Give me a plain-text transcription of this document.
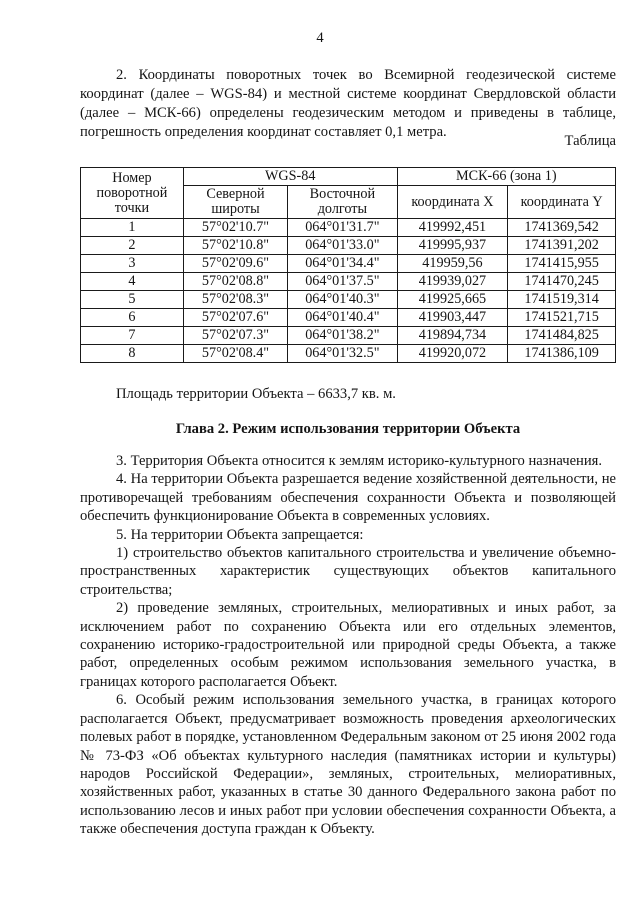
4

2. Координаты поворотных точек во Всемирной геодезической системе координат (далее – WGS-84) и местной системе координат Свердловской области (далее – МСК-66) определены геодезическим методом и приведены в таблице, погрешность определения координат составляет 0,1 метра.

Таблица
Номер поворотной точки	WGS-84		МСК-66 (зона 1)	
	Северной широты	Восточной долготы	координата X	координата Y
1	57°02'10.7"	064°01'31.7"	419992,451	1741369,542
2	57°02'10.8"	064°01'33.0"	419995,937	1741391,202
3	57°02'09.6"	064°01'34.4"	419959,56	1741415,955
4	57°02'08.8"	064°01'37.5"	419939,027	1741470,245
5	57°02'08.3"	064°01'40.3"	419925,665	1741519,314
6	57°02'07.6"	064°01'40.4"	419903,447	1741521,715
7	57°02'07.3"	064°01'38.2"	419894,734	1741484,825
8	57°02'08.4"	064°01'32.5"	419920,072	1741386,109
Площадь территории Объекта – 6633,7 кв. м.
Глава 2. Режим использования территории Объекта

3. Территория Объекта относится к землям историко-культурного назначения.

4. На территории Объекта разрешается ведение хозяйственной деятельности, не противоречащей требованиям обеспечения сохранности Объекта и позволяющей обеспечить функционирование Объекта в современных условиях.

5. На территории Объекта запрещается:

1) строительство объектов капитального строительства и увеличение объемно-пространственных характеристик существующих объектов капитального строительства;

2) проведение земляных, строительных, мелиоративных и иных работ, за исключением работ по сохранению Объекта или его отдельных элементов, сохранению историко-градостроительной или природной среды Объекта, а также работ, определенных особым режимом использования земельного участка, в границах которого располагается Объект.

6. Особый режим использования земельного участка, в границах которого располагается Объект, предусматривает возможность проведения археологических полевых работ в порядке, установленном Федеральным законом от 25 июня 2002 года № 73-ФЗ «Об объектах культурного наследия (памятниках истории и культуры) народов Российской Федерации», земляных, строительных, мелиоративных, хозяйственных работ, указанных в статье 30 данного Федерального закона работ по использованию лесов и иных работ при условии обеспечения сохранности Объекта, а также обеспечения доступа граждан к Объекту.
